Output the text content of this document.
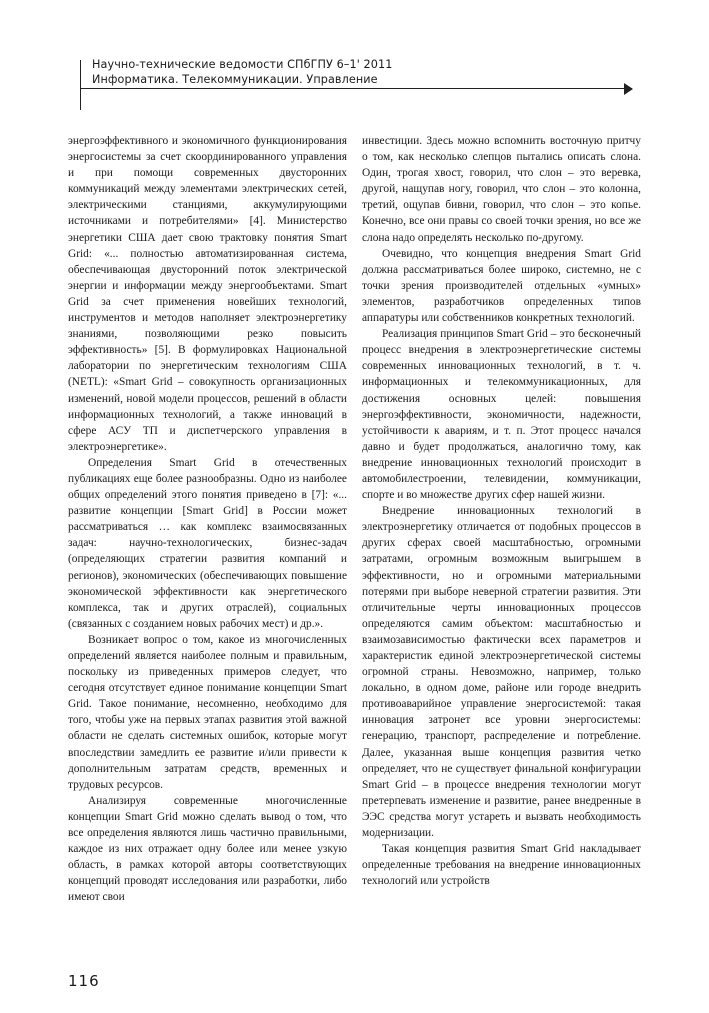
Научно-технические ведомости СПбГПУ 6–1' 2011
Информатика. Телекоммуникации. Управление

энергоэффективного и экономичного функционирования энергосистемы за счет скоординированного управления и при помощи современных двусторонних коммуникаций между элементами электрических сетей, электрическими станциями, аккумулирующими источниками и потребителями» [4]. Министерство энергетики США дает свою трактовку понятия Smart Grid: «... полностью автоматизированная система, обеспечивающая двусторонний поток электрической энергии и информации между энергообъектами. Smart Grid за счет применения новейших технологий, инструментов и методов наполняет электроэнергетику знаниями, позволяющими резко повысить эффективность» [5]. В формулировках Национальной лаборатории по энергетическим технологиям США (NETL): «Smart Grid – совокупность организационных изменений, новой модели процессов, решений в области информационных технологий, а также инноваций в сфере АСУ ТП и диспетчерского управления в электроэнергетике».

Определения Smart Grid в отечественных публикациях еще более разнообразны. Одно из наиболее общих определений этого понятия приведено в [7]: «... развитие концепции [Smart Grid] в России может рассматриваться … как комплекс взаимосвязанных задач: научно-технологических, бизнес-задач (определяющих стратегии развития компаний и регионов), экономических (обеспечивающих повышение экономической эффективности как энергетического комплекса, так и других отраслей), социальных (связанных с созданием новых рабочих мест) и др.».

Возникает вопрос о том, какое из многочисленных определений является наиболее полным и правильным, поскольку из приведенных примеров следует, что сегодня отсутствует единое понимание концепции Smart Grid. Такое понимание, несомненно, необходимо для того, чтобы уже на первых этапах развития этой важной области не сделать системных ошибок, которые могут впоследствии замедлить ее развитие и/или привести к дополнительным затратам средств, временных и трудовых ресурсов.

Анализируя современные многочисленные концепции Smart Grid можно сделать вывод о том, что все определения являются лишь частично правильными, каждое из них отражает одну более или менее узкую область, в рамках которой авторы соответствующих концепций проводят исследования или разработки, либо имеют свои

инвестиции. Здесь можно вспомнить восточную притчу о том, как несколько слепцов пытались описать слона. Один, трогая хвост, говорил, что слон – это веревка, другой, нащупав ногу, говорил, что слон – это колонна, третий, ощупав бивни, говорил, что слон – это копье. Конечно, все они правы со своей точки зрения, но все же слона надо определять несколько по-другому.

Очевидно, что концепция внедрения Smart Grid должна рассматриваться более широко, системно, не с точки зрения производителей отдельных «умных» элементов, разработчиков определенных типов аппаратуры или собственников конкретных технологий.

Реализация принципов Smart Grid – это бесконечный процесс внедрения в электроэнергетические системы современных инновационных технологий, в т. ч. информационных и телекоммуникационных, для достижения основных целей: повышения энергоэффективности, экономичности, надежности, устойчивости к авариям, и т. п. Этот процесс начался давно и будет продолжаться, аналогично тому, как внедрение инновационных технологий происходит в автомобилестроении, телевидении, коммуникации, спорте и во множестве других сфер нашей жизни.

Внедрение инновационных технологий в электроэнергетику отличается от подобных процессов в других сферах своей масштабностью, огромными затратами, огромным возможным выигрышем в эффективности, но и огромными материальными потерями при выборе неверной стратегии развития. Эти отличительные черты инновационных процессов определяются самим объектом: масштабностью и взаимозависимостью фактически всех параметров и характеристик единой электроэнергетической системы огромной страны. Невозможно, например, только локально, в одном доме, районе или городе внедрить противоаварийное управление энергосистемой: такая инновация затронет все уровни энергосистемы: генерацию, транспорт, распределение и потребление. Далее, указанная выше концепция развития четко определяет, что не существует финальной конфигурации Smart Grid – в процессе внедрения технологии могут претерпевать изменение и развитие, ранее внедренные в ЭЭС средства могут устареть и вызвать необходимость модернизации.

Такая концепция развития Smart Grid накладывает определенные требования на внедрение инновационных технологий или устройств

116
